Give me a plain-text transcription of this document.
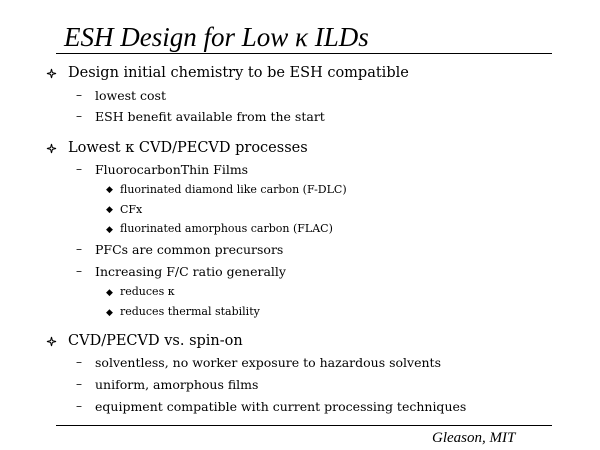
ESH Design for Low κ ILDs
Design initial chemistry to be ESH compatible
– lowest cost
– ESH benefit available from the start
Lowest κ CVD/PECVD processes
– FluorocarbonThin Films
◆ fluorinated diamond like carbon (F-DLC)
◆ CFx
◆ fluorinated amorphous carbon (FLAC)
– PFCs are common precursors
– Increasing F/C ratio generally
◆ reduces κ
◆ reduces thermal stability
CVD/PECVD vs. spin-on
– solventless, no worker exposure to hazardous solvents
– uniform, amorphous films
– equipment compatible with current processing techniques
Gleason, MIT
